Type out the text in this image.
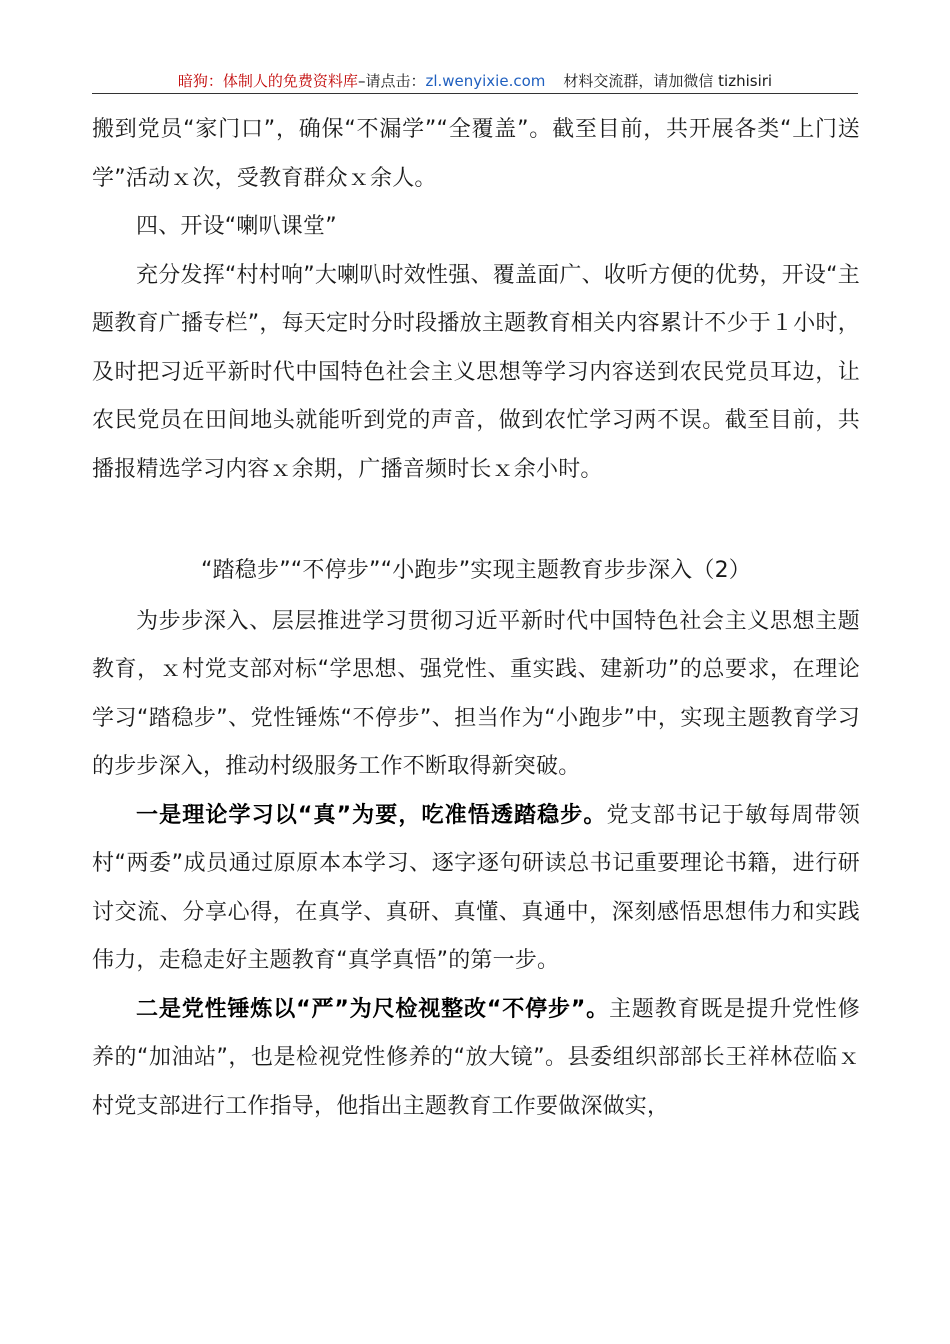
暗狗：体制人的免费资料库–请点击：zl.wenyixie.com 材料交流群，请加微信 tizhisiri

搬到党员“家门口”，确保“不漏学”“全覆盖”。截至目前，共开展各类“上门送学”活动ｘ次，受教育群众ｘ余人。

四、开设“喇叭课堂”

充分发挥“村村响”大喇叭时效性强、覆盖面广、收听方便的优势，开设“主题教育广播专栏”，每天定时分时段播放主题教育相关内容累计不少于１小时，及时把习近平新时代中国特色社会主义思想等学习内容送到农民党员耳边，让农民党员在田间地头就能听到党的声音，做到农忙学习两不误。截至目前，共播报精选学习内容ｘ余期，广播音频时长ｘ余小时。

“踏稳步”“不停步”“小跑步”实现主题教育步步深入（2）

为步步深入、层层推进学习贯彻习近平新时代中国特色社会主义思想主题教育，ｘ村党支部对标“学思想、强党性、重实践、建新功”的总要求，在理论学习“踏稳步”、党性锤炼“不停步”、担当作为“小跑步”中，实现主题教育学习的步步深入，推动村级服务工作不断取得新突破。

一是理论学习以“真”为要，吃准悟透踏稳步。党支部书记于敏每周带领村“两委”成员通过原原本本学习、逐字逐句研读总书记重要理论书籍，进行研讨交流、分享心得，在真学、真研、真懂、真通中，深刻感悟思想伟力和实践伟力，走稳走好主题教育“真学真悟”的第一步。

二是党性锤炼以“严”为尺检视整改“不停步”。主题教育既是提升党性修养的“加油站”，也是检视党性修养的“放大镜”。县委组织部部长王祥林莅临ｘ村党支部进行工作指导，他指出主题教育工作要做深做实，
